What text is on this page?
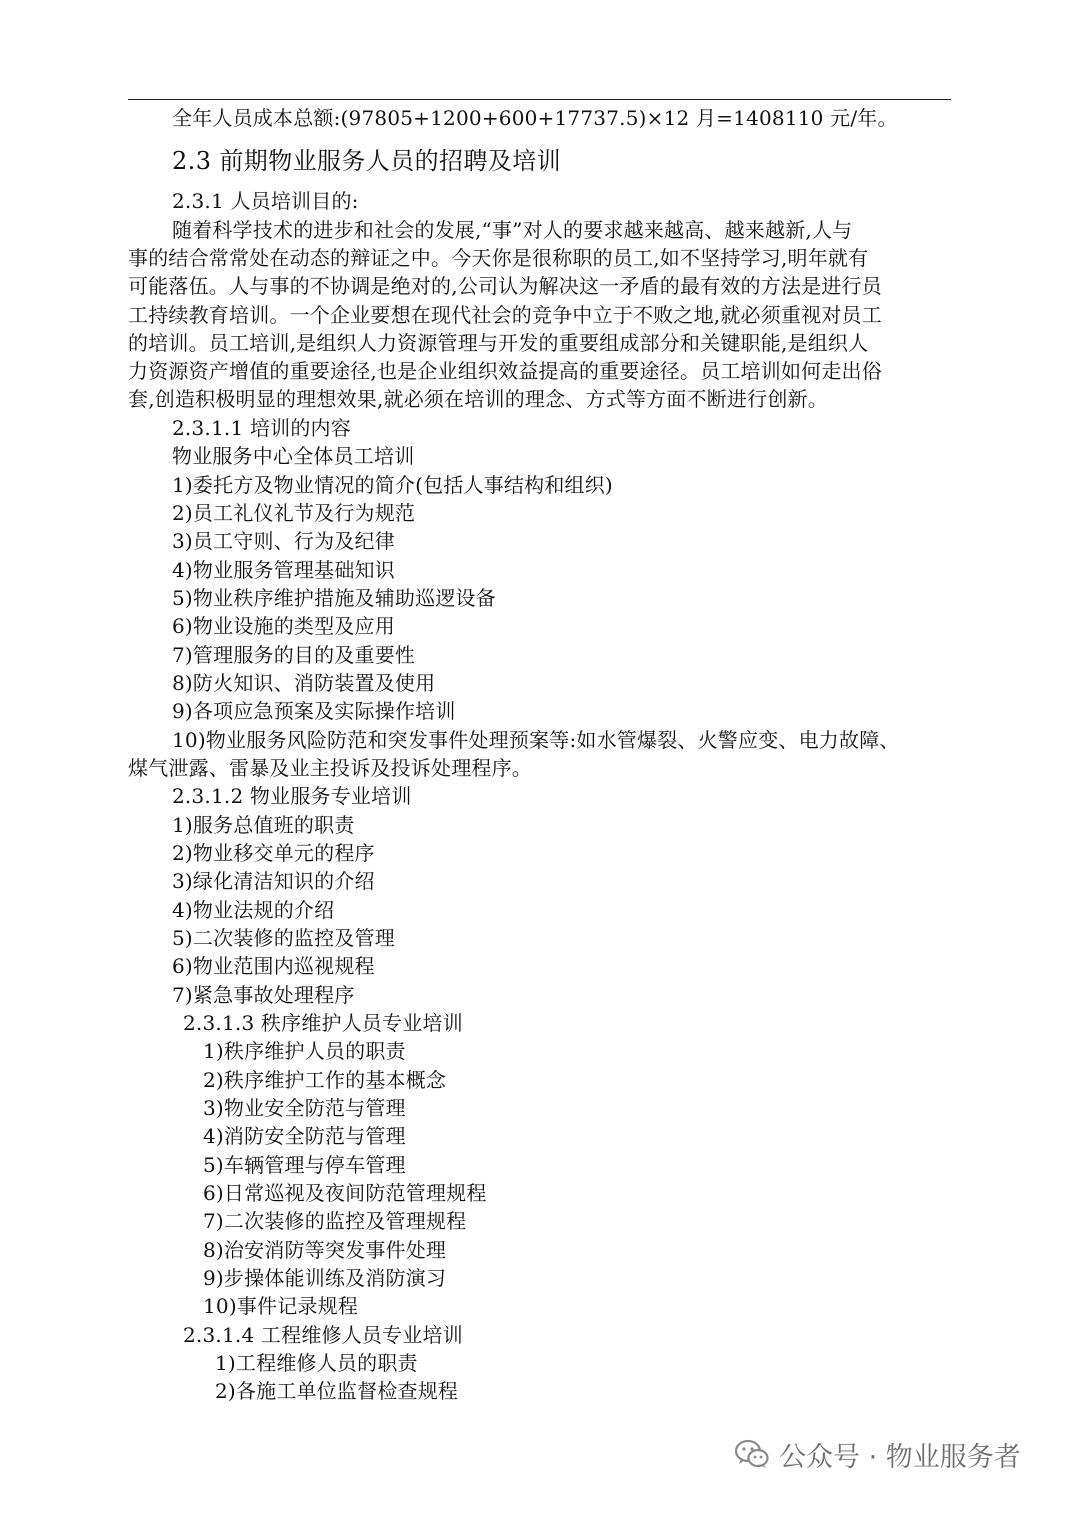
全年人员成本总额:(97805+1200+600+17737.5)×12 月=1408110 元/年。
2.3 前期物业服务人员的招聘及培训
2.3.1 人员培训目的:
随着科学技术的进步和社会的发展,“事”对人的要求越来越高、越来越新,人与
事的结合常常处在动态的辩证之中。今天你是很称职的员工,如不坚持学习,明年就有
可能落伍。人与事的不协调是绝对的,公司认为解决这一矛盾的最有效的方法是进行员
工持续教育培训。一个企业要想在现代社会的竞争中立于不败之地,就必须重视对员工
的培训。员工培训,是组织人力资源管理与开发的重要组成部分和关键职能,是组织人
力资源资产增值的重要途径,也是企业组织效益提高的重要途径。员工培训如何走出俗
套,创造积极明显的理想效果,就必须在培训的理念、方式等方面不断进行创新。
2.3.1.1 培训的内容
物业服务中心全体员工培训
1)委托方及物业情况的简介(包括人事结构和组织)
2)员工礼仪礼节及行为规范
3)员工守则、行为及纪律
4)物业服务管理基础知识
5)物业秩序维护措施及辅助巡逻设备
6)物业设施的类型及应用
7)管理服务的目的及重要性
8)防火知识、消防装置及使用
9)各项应急预案及实际操作培训
10)物业服务风险防范和突发事件处理预案等:如水管爆裂、火警应变、电力故障、
煤气泄露、雷暴及业主投诉及投诉处理程序。
2.3.1.2 物业服务专业培训
1)服务总值班的职责
2)物业移交单元的程序
3)绿化清洁知识的介绍
4)物业法规的介绍
5)二次装修的监控及管理
6)物业范围内巡视规程
7)紧急事故处理程序
2.3.1.3 秩序维护人员专业培训
1)秩序维护人员的职责
2)秩序维护工作的基本概念
3)物业安全防范与管理
4)消防安全防范与管理
5)车辆管理与停车管理
6)日常巡视及夜间防范管理规程
7)二次装修的监控及管理规程
8)治安消防等突发事件处理
9)步操体能训练及消防演习
10)事件记录规程
2.3.1.4 工程维修人员专业培训
1)工程维修人员的职责
2)各施工单位监督检查规程
公众号 · 物业服务者
